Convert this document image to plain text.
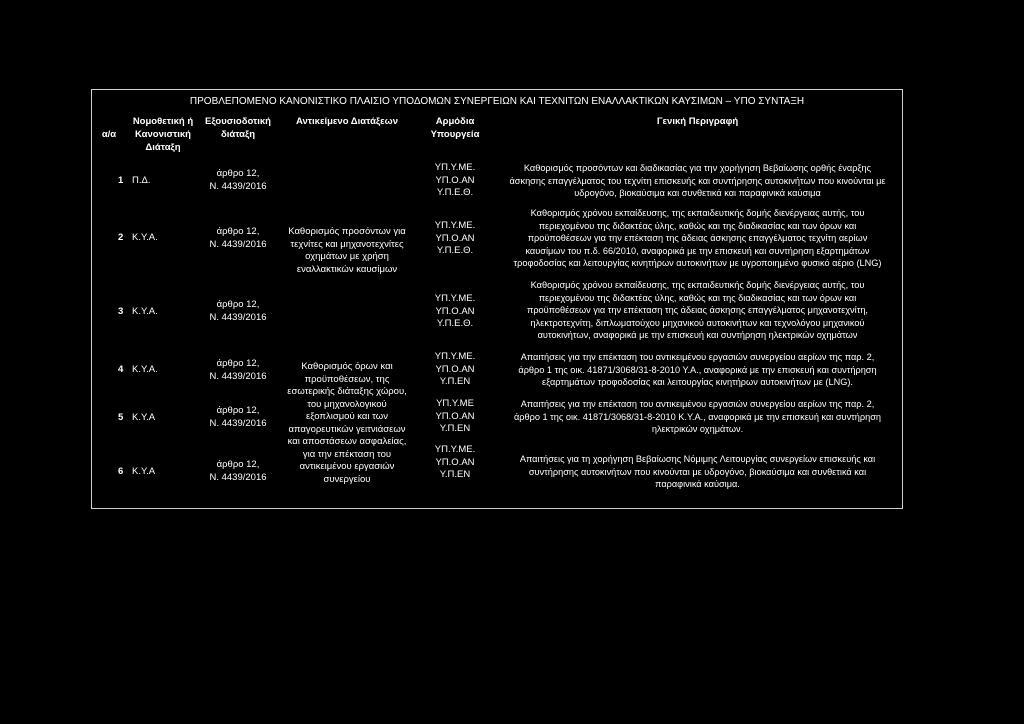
ΠΡΟΒΛΕΠΟΜΕΝΟ ΚΑΝΟΝΙΣΤΙΚΟ ΠΛΑΙΣΙΟ ΥΠΟΔΟΜΩΝ ΣΥΝΕΡΓΕΙΩΝ ΚΑΙ ΤΕΧΝΙΤΩΝ ΕΝΑΛΛΑΚΤΙΚΩΝ ΚΑΥΣΙΜΩΝ – ΥΠΟ ΣΥΝΤΑΞΗ
α/α
Νομοθετική ή
Κανονιστική
Διάταξη
Εξουσιοδοτική
διάταξη
Αντικείμενο Διατάξεων	Αρμόδια
Υπουργεία
Γενική Περιγραφή
1 Π.Δ.
άρθρο 12,
Ν. 4439/2016
ΥΠ.Υ.ΜΕ.
ΥΠ.Ο.ΑΝ
Υ.Π.Ε.Θ.
Καθορισμός προσόντων και διαδικασίας για την χορήγηση Βεβαίωσης ορθής έναρξης
άσκησης επαγγέλματος του τεχνίτη επισκευής και συντήρησης αυτοκινήτων που κινούνται με
υδρογόνο, βιοκαύσιμα και συνθετικά και παραφινικά καύσιμα
2 Κ.Υ.Α.
άρθρο 12,
Ν. 4439/2016
ΥΠ.Υ.ΜΕ.
ΥΠ.Ο.ΑΝ
Υ.Π.Ε.Θ.
Καθορισμός χρόνου εκπαίδευσης, της εκπαιδευτικής δομής διενέργειας αυτής, του
περιεχομένου της διδακτέας ύλης, καθώς και της διαδικασίας και των όρων και
προϋποθέσεων για την επέκταση της άδειας άσκησης επαγγέλματος τεχνίτη αερίων
καυσίμων του π.δ. 66/2010, αναφορικά με την επισκευή και συντήρηση εξαρτημάτων
τροφοδοσίας και λειτουργίας κινητήρων αυτοκινήτων με υγροποιημένο φυσικό αέριο (LNG)
Καθορισμός προσόντων για
τεχνίτες και μηχανοτεχνίτες
οχημάτων με χρήση
εναλλακτικών καυσίμων
3 Κ.Υ.Α.
άρθρο 12,
Ν. 4439/2016
ΥΠ.Υ.ΜΕ.
ΥΠ.Ο.ΑΝ
Υ.Π.Ε.Θ.
Καθορισμός χρόνου εκπαίδευσης, της εκπαιδευτικής δομής διενέργειας αυτής, του
περιεχομένου της διδακτέας ύλης, καθώς και της διαδικασίας και των όρων και
προϋποθέσεων για την επέκταση της άδειας άσκησης επαγγέλματος μηχανοτεχνίτη,
ηλεκτροτεχνίτη, διπλωματούχου μηχανικού αυτοκινήτων και τεχνολόγου μηχανικού
αυτοκινήτων, αναφορικά με την επισκευή και συντήρηση ηλεκτρικών οχημάτων
4 Κ.Υ.Α.
άρθρο 12,
Ν. 4439/2016
ΥΠ.Υ.ΜΕ.
ΥΠ.Ο.ΑΝ
Υ.Π.ΕΝ
Απαιτήσεις για την επέκταση του αντικειμένου εργασιών συνεργείου αερίων της παρ. 2,
άρθρο 1 της οικ. 41871/3068/31-8-2010 Υ.Α., αναφορικά με την επισκευή και συντήρηση
εξαρτημάτων τροφοδοσίας και λειτουργίας κινητήρων αυτοκινήτων με (LNG).
Καθορισμός όρων και
προϋποθέσεων, της
εσωτερικής διάταξης χώρου,
του μηχανολογικού
εξοπλισμού και των
απαγορευτικών γειτνιάσεων
και αποστάσεων ασφαλείας,
για την επέκταση του
αντικειμένου εργασιών
συνεργείου
5 Κ.Υ.Α
άρθρο 12,
Ν. 4439/2016
ΥΠ.Υ.ΜΕ
ΥΠ.Ο.ΑΝ
Υ.Π.ΕΝ
Απαιτήσεις για την επέκταση του αντικειμένου εργασιών συνεργείου αερίων της παρ. 2,
άρθρο 1 της οικ. 41871/3068/31-8-2010 Κ.Υ.Α., αναφορικά με την επισκευή και συντήρηση
ηλεκτρικών οχημάτων.
6 Κ.Υ.Α
άρθρο 12,
Ν. 4439/2016
ΥΠ.Υ.ΜΕ.
ΥΠ.Ο.ΑΝ
Υ.Π.ΕΝ
Απαιτήσεις για τη χορήγηση Βεβαίωσης Νόμιμης Λειτουργίας συνεργείων επισκευής και
συντήρησης αυτοκινήτων που κινούνται με υδρογόνο, βιοκαύσιμα και συνθετικά και
παραφινικά καύσιμα.
